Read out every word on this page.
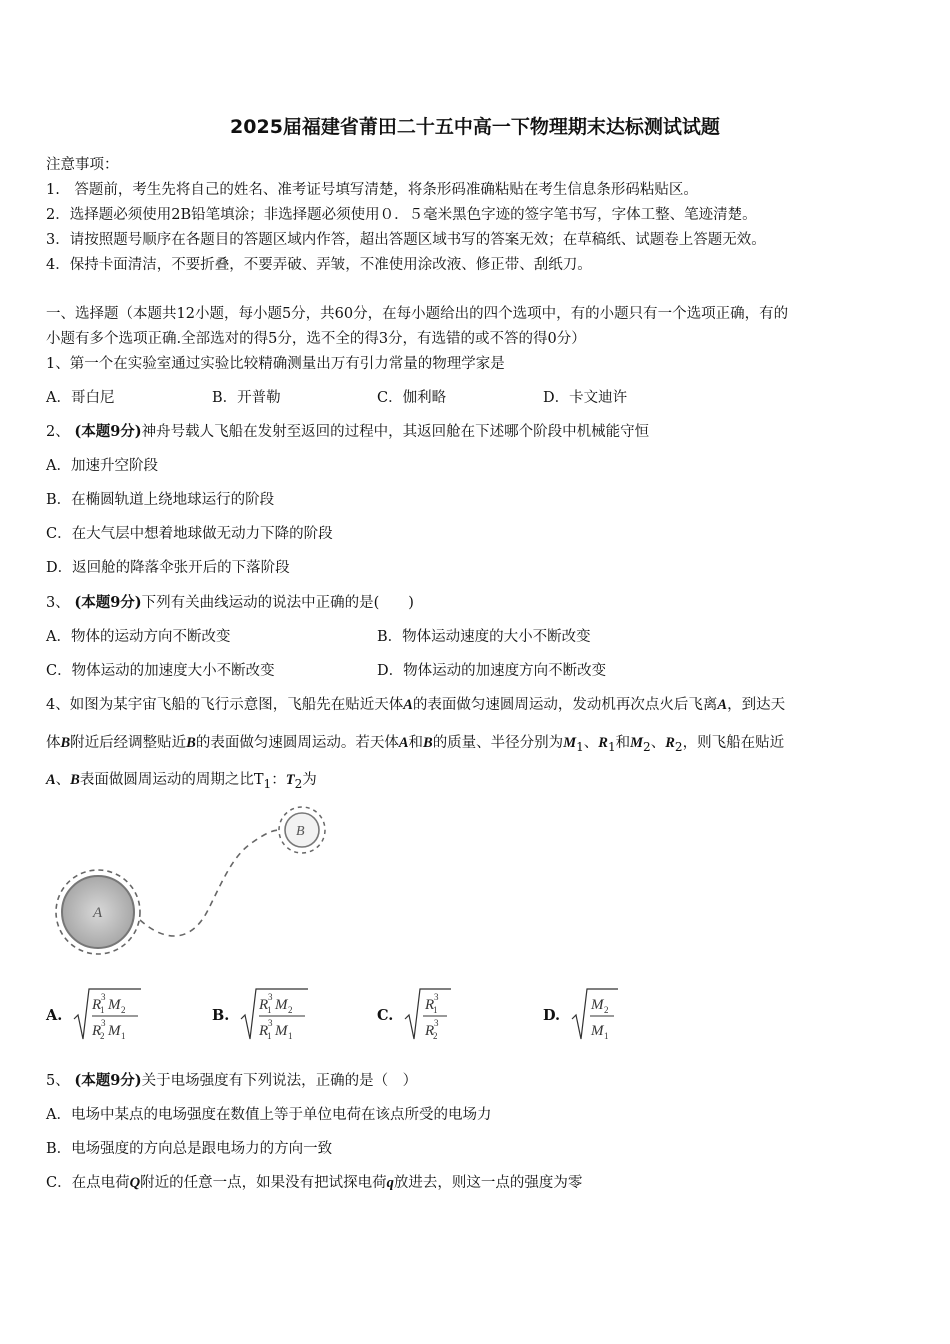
2025届福建省莆田二十五中高一下物理期末达标测试试题
注意事项：
1.　答题前，考生先将自己的姓名、准考证号填写清楚，将条形码准确粘贴在考生信息条形码粘贴区。
2．选择题必须使用2B铅笔填涂；非选择题必须使用０．５毫米黑色字迹的签字笔书写，字体工整、笔迹清楚。
3．请按照题号顺序在各题目的答题区域内作答，超出答题区域书写的答案无效；在草稿纸、试题卷上答题无效。
4．保持卡面清洁，不要折叠，不要弄破、弄皱，不准使用涂改液、修正带、刮纸刀。
一、选择题（本题共12小题，每小题5分，共60分，在每小题给出的四个选项中，有的小题只有一个选项正确，有的
小题有多个选项正确.全部选对的得5分，选不全的得3分，有选错的或不答的得0分）
1、第一个在实验室通过实验比较精确测量出万有引力常量的物理学家是
A．哥白尼	B．开普勒	C．伽利略	D．卡文迪许
2、 (本题9分)神舟号载人飞船在发射至返回的过程中，其返回舱在下述哪个阶段中机械能守恒
A．加速升空阶段
B．在椭圆轨道上绕地球运行的阶段
C．在大气层中想着地球做无动力下降的阶段
D．返回舱的降落伞张开后的下落阶段
3、 (本题9分)下列有关曲线运动的说法中正确的是(　　)
A．物体的运动方向不断改变	B．物体运动速度的大小不断改变
C．物体运动的加速度大小不断改变	D．物体运动的加速度方向不断改变
4、如图为某宇宙飞船的飞行示意图，飞船先在贴近天体A的表面做匀速圆周运动，发动机再次点火后飞离A，到达天
体B附近后经调整贴近B的表面做匀速圆周运动。若天体A和B的质量、半径分别为$M_1$、$R_1$和$M_2$、$R_2$，则飞船在贴近
A、B表面做圆周运动的周期之比$T_1$：$T_2$为
A
B
A.
R
1
3 M 2
R
2
3 M 1
B.
R
1
3 M 2
R
1
3 M 1
C.
R
1
3
R
2
3	D.
M 2
M 1
5、 (本题9分)关于电场强度有下列说法，正确的是（　）
A．电场中某点的电场强度在数值上等于单位电荷在该点所受的电场力
B．电场强度的方向总是跟电场力的方向一致
C．在点电荷Q附近的任意一点，如果没有把试探电荷q放进去，则这一点的强度为零
